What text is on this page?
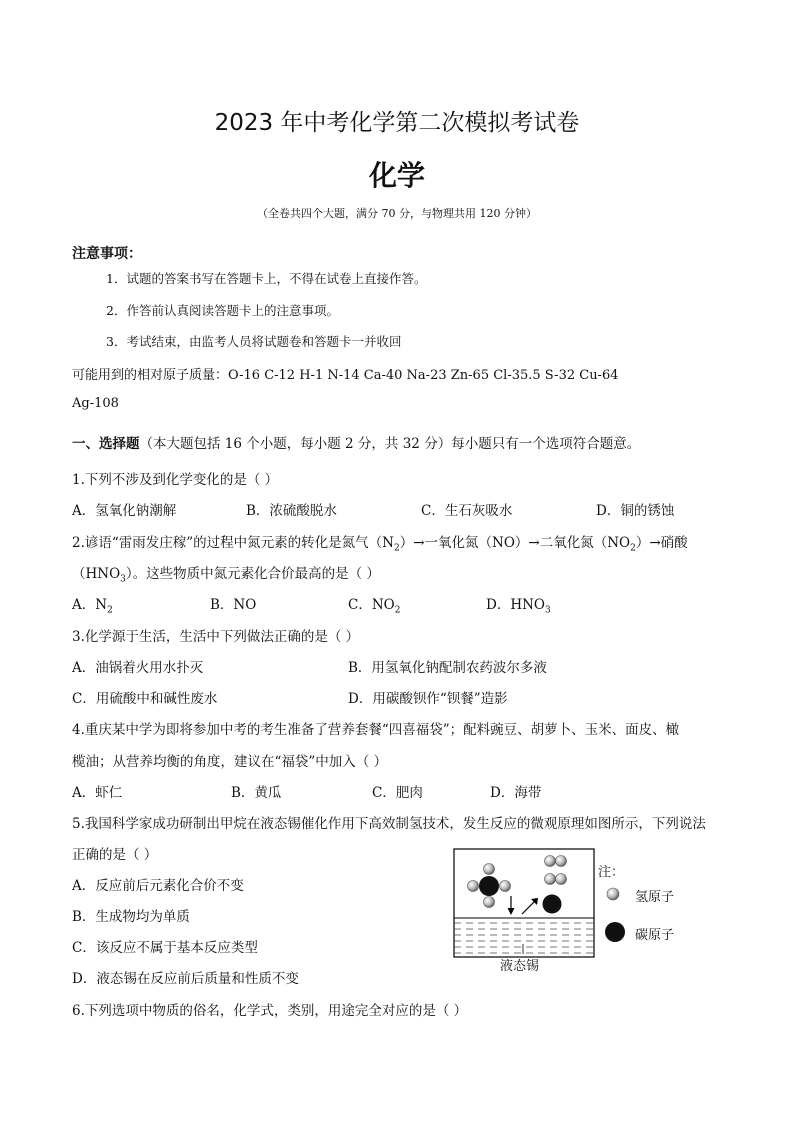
2023 年中考化学第二次模拟考试卷
化学
（全卷共四个大题，满分 70 分，与物理共用 120 分钟）
注意事项：
1．试题的答案书写在答题卡上，不得在试卷上直接作答。
2．作答前认真阅读答题卡上的注意事项。
3．考试结束，由监考人员将试题卷和答题卡一并收回
可能用到的相对原子质量：O-16 C-12 H-1 N-14 Ca-40 Na-23 Zn-65 Cl-35.5 S-32 Cu-64
Ag-108
一、选择题（本大题包括 16 个小题，每小题 2 分，共 32 分）每小题只有一个选项符合题意。
1.下列不涉及到化学变化的是（ ）
A．氢氧化钠潮解	B．浓硫酸脱水	C．生石灰吸水	D．铜的锈蚀
2.谚语“雷雨发庄稼”的过程中氮元素的转化是氮气$(N_2)\to$一氧化氮（NO）→二氧化氮$(NO_2)\to$硝酸
$(HNO_3)$。这些物质中氮元素化合价最高的是（ ）
A．$N_2$	B．NO	C．$NO_2$	D．$HNO_3$
3.化学源于生活，生活中下列做法正确的是（ ）
A．油锅着火用水扑灭	B．用氢氧化钠配制农药波尔多液
C．用硫酸中和碱性废水	D．用碳酸钡作“钡餐”造影
4.重庆某中学为即将参加中考的考生准备了营养套餐“四喜福袋”；配料豌豆、胡萝卜、玉米、面皮、橄
榄油；从营养均衡的角度，建议在“福袋”中加入（ ）
A．虾仁	B．黄瓜	C．肥肉	D．海带
5.我国科学家成功研制出甲烷在液态锡催化作用下高效制氢技术，发生反应的微观原理如图所示，下列说法
正确的是（ ）
A．反应前后元素化合价不变
B．生成物均为单质
C．该反应不属于基本反应类型
D．液态锡在反应前后质量和性质不变
注：
氢原子
碳原子
液态锡
6.下列选项中物质的俗名，化学式，类别，用途完全对应的是（ ）
